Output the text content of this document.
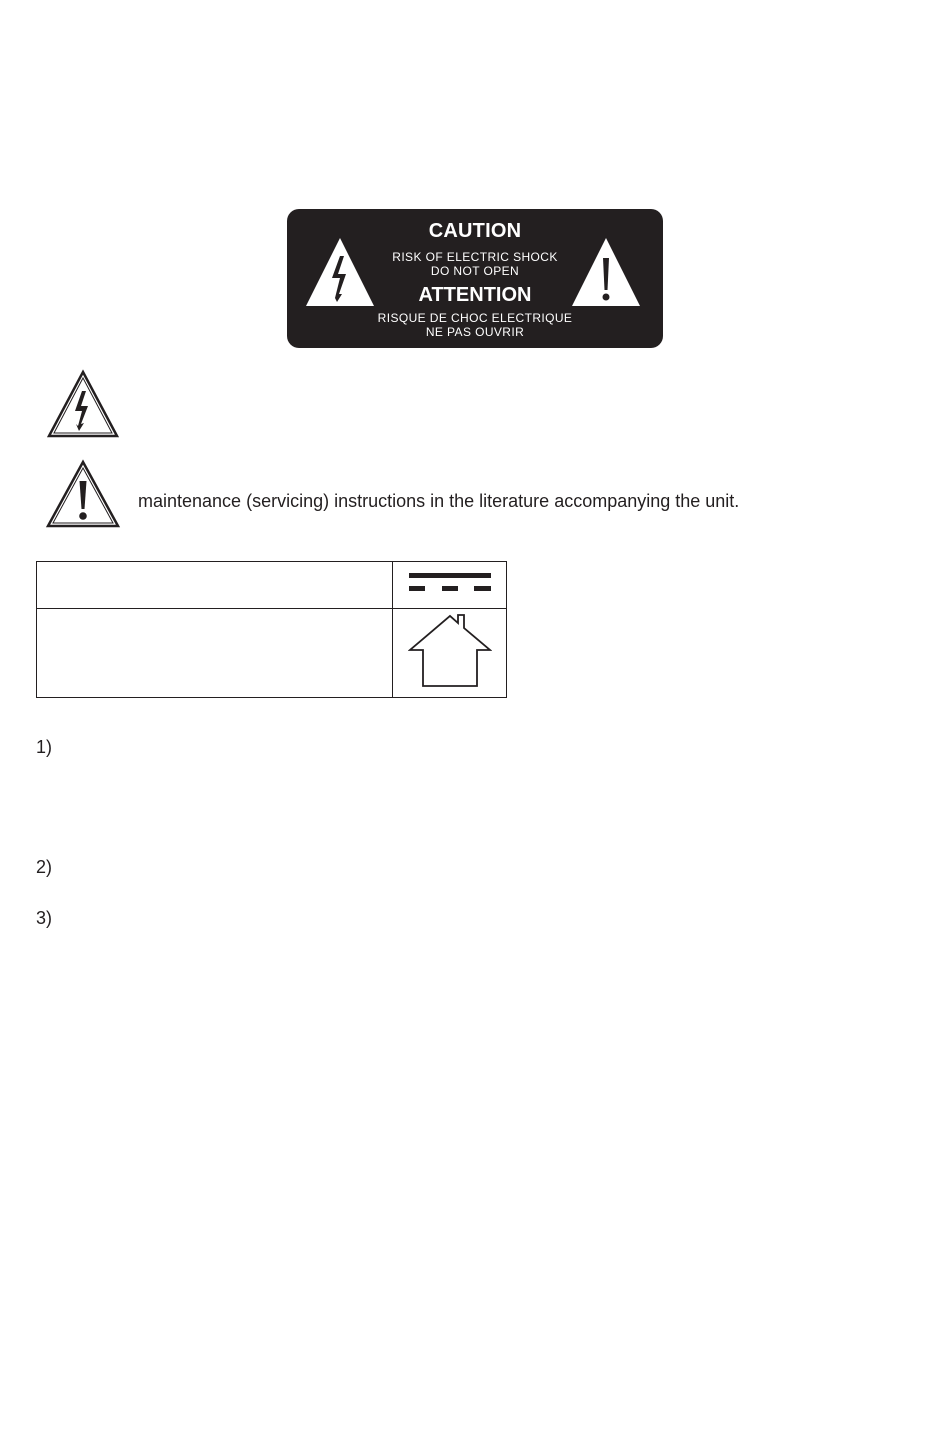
CAUTION
RISK OF ELECTRIC SHOCK
DO NOT OPEN
ATTENTION
RISQUE DE CHOC ELECTRIQUE
NE PAS OUVRIR
maintenance (servicing) instructions in the literature accompanying the unit.

1)
2)
3)
